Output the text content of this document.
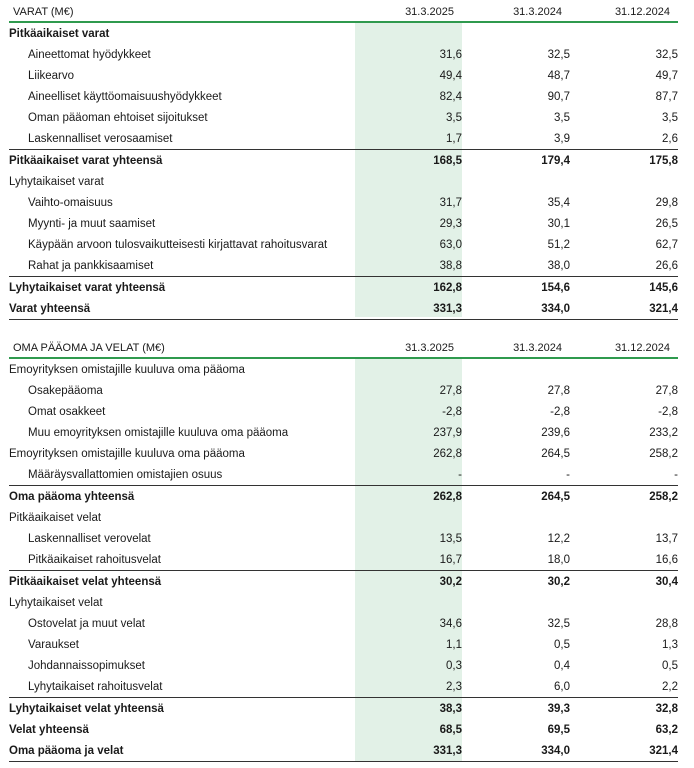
VARAT (M€)	31.3.2025	31.3.2024	31.12.2024
Pitkäaikaiset varat			
Aineettomat hyödykkeet	31,6	32,5	32,5
Liikearvo	49,4	48,7	49,7
Aineelliset käyttöomaisuushyödykkeet	82,4	90,7	87,7
Oman pääoman ehtoiset sijoitukset	3,5	3,5	3,5
Laskennalliset verosaamiset	1,7	3,9	2,6
Pitkäaikaiset varat yhteensä	168,5	179,4	175,8
Lyhytaikaiset varat			
Vaihto-omaisuus	31,7	35,4	29,8
Myynti- ja muut saamiset	29,3	30,1	26,5
Käypään arvoon tulosvaikutteisesti kirjattavat rahoitusvarat	63,0	51,2	62,7
Rahat ja pankkisaamiset	38,8	38,0	26,6
Lyhytaikaiset varat yhteensä	162,8	154,6	145,6
Varat yhteensä	331,3	334,0	321,4
OMA PÄÄOMA JA VELAT (M€)	31.3.2025	31.3.2024	31.12.2024
Emoyrityksen omistajille kuuluva oma pääoma			
Osakepääoma	27,8	27,8	27,8
Omat osakkeet	-2,8	-2,8	-2,8
Muu emoyrityksen omistajille kuuluva oma pääoma	237,9	239,6	233,2
Emoyrityksen omistajille kuuluva oma pääoma	262,8	264,5	258,2
Määräysvallattomien omistajien osuus	-	-	-
Oma pääoma yhteensä	262,8	264,5	258,2
Pitkäaikaiset velat			
Laskennalliset verovelat	13,5	12,2	13,7
Pitkäaikaiset rahoitusvelat	16,7	18,0	16,6
Pitkäaikaiset velat yhteensä	30,2	30,2	30,4
Lyhytaikaiset velat			
Ostovelat ja muut velat	34,6	32,5	28,8
Varaukset	1,1	0,5	1,3
Johdannaissopimukset	0,3	0,4	0,5
Lyhytaikaiset rahoitusvelat	2,3	6,0	2,2
Lyhytaikaiset velat yhteensä	38,3	39,3	32,8
Velat yhteensä	68,5	69,5	63,2
Oma pääoma ja velat	331,3	334,0	321,4
